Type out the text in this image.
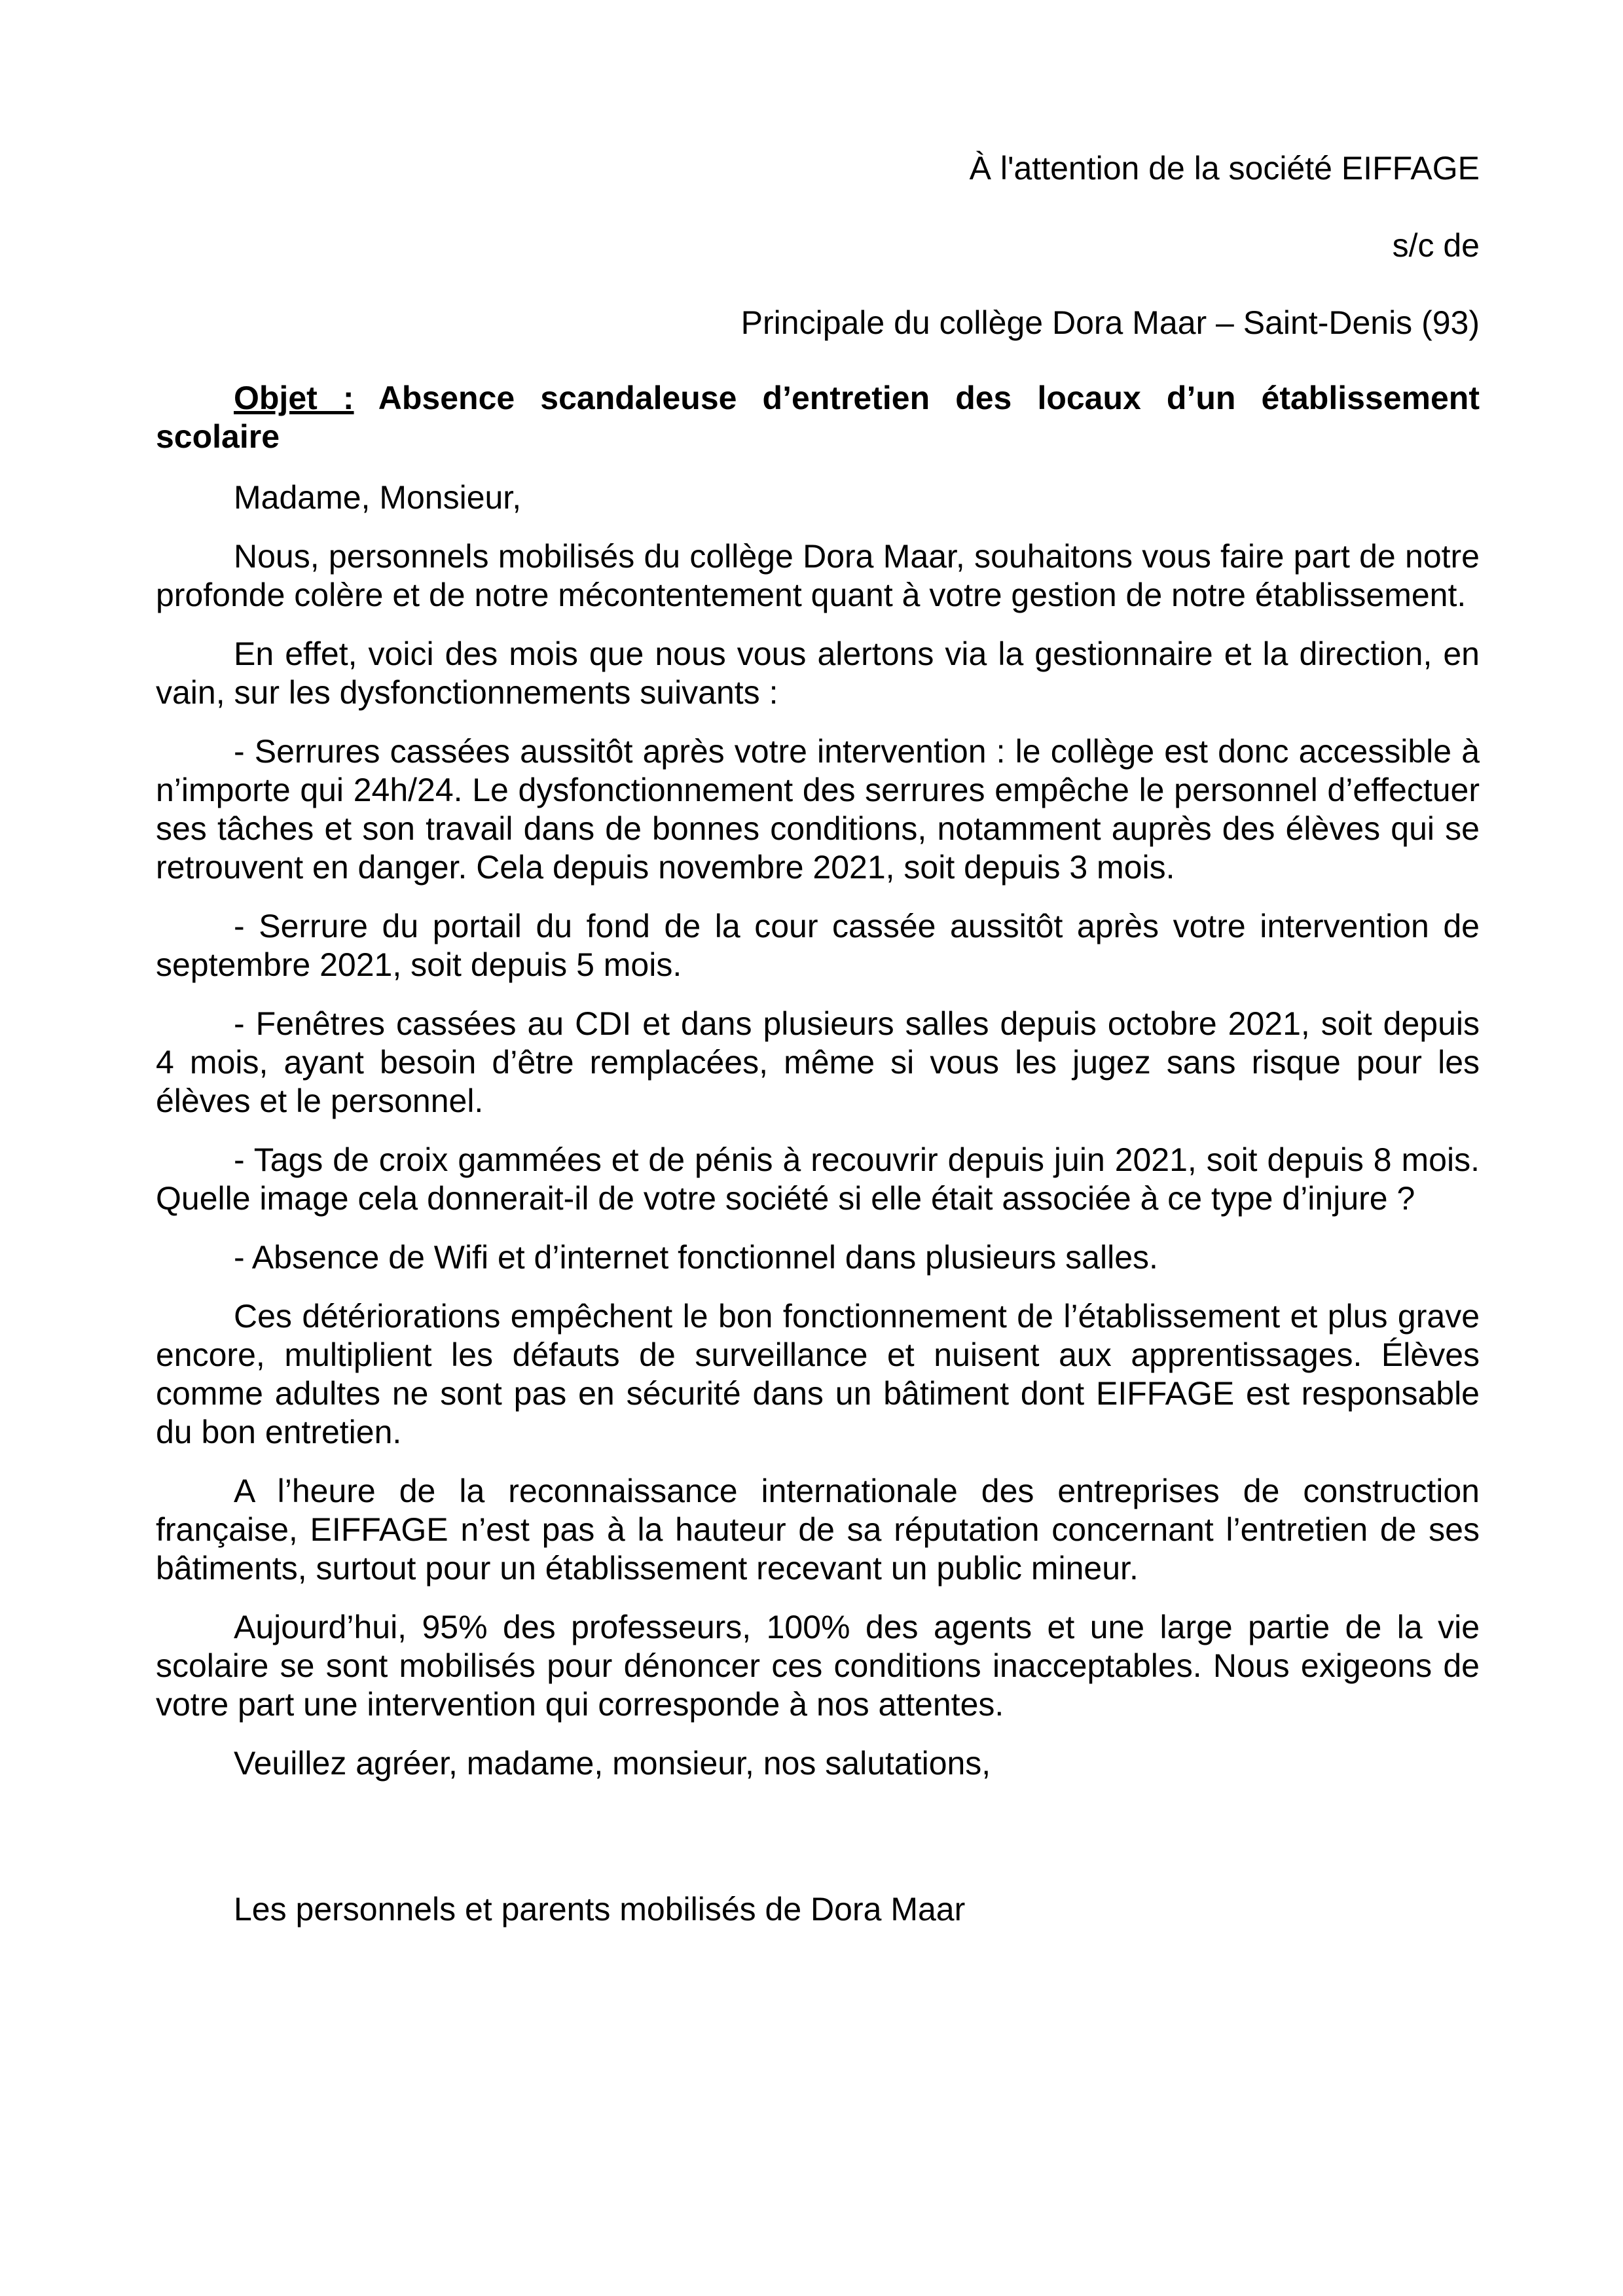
À l'attention de la société EIFFAGE

s/c de

Principale du collège Dora Maar – Saint-Denis (93)

Objet : Absence scandaleuse d’entretien des locaux d’un établissement scolaire

Madame, Monsieur,

Nous, personnels mobilisés du collège Dora Maar, souhaitons vous faire part de notre profonde colère et de notre mécontentement quant à votre gestion de notre établissement.

En effet, voici des mois que nous vous alertons via la gestionnaire et la direction, en vain, sur les dysfonctionnements suivants :

- Serrures cassées aussitôt après votre intervention : le collège est donc accessible à n’importe qui 24h/24. Le dysfonctionnement des serrures empêche le personnel d’effectuer ses tâches et son travail dans de bonnes conditions, notamment auprès des élèves qui se retrouvent en danger. Cela depuis novembre 2021, soit depuis 3 mois.

- Serrure du portail du fond de la cour cassée aussitôt après votre intervention de septembre 2021, soit depuis 5 mois.

- Fenêtres cassées au CDI et dans plusieurs salles depuis octobre 2021, soit depuis 4 mois, ayant besoin d’être remplacées, même si vous les jugez sans risque pour les élèves et le personnel.

- Tags de croix gammées et de pénis à recouvrir depuis juin 2021, soit depuis 8 mois. Quelle image cela donnerait-il de votre société si elle était associée à ce type d’injure ?

- Absence de Wifi et d’internet fonctionnel dans plusieurs salles.

Ces détériorations empêchent le bon fonctionnement de l’établissement et plus grave encore, multiplient les défauts de surveillance et nuisent aux apprentissages. Élèves comme adultes ne sont pas en sécurité dans un bâtiment dont EIFFAGE est responsable du bon entretien.

A l’heure de la reconnaissance internationale des entreprises de construction française, EIFFAGE n’est pas à la hauteur de sa réputation concernant l’entretien de ses bâtiments, surtout pour un établissement recevant un public mineur.

Aujourd’hui, 95% des professeurs, 100% des agents et une large partie de la vie scolaire se sont mobilisés pour dénoncer ces conditions inacceptables. Nous exigeons de votre part une intervention qui corresponde à nos attentes.

Veuillez agréer, madame, monsieur, nos salutations,

Les personnels et parents mobilisés de Dora Maar
